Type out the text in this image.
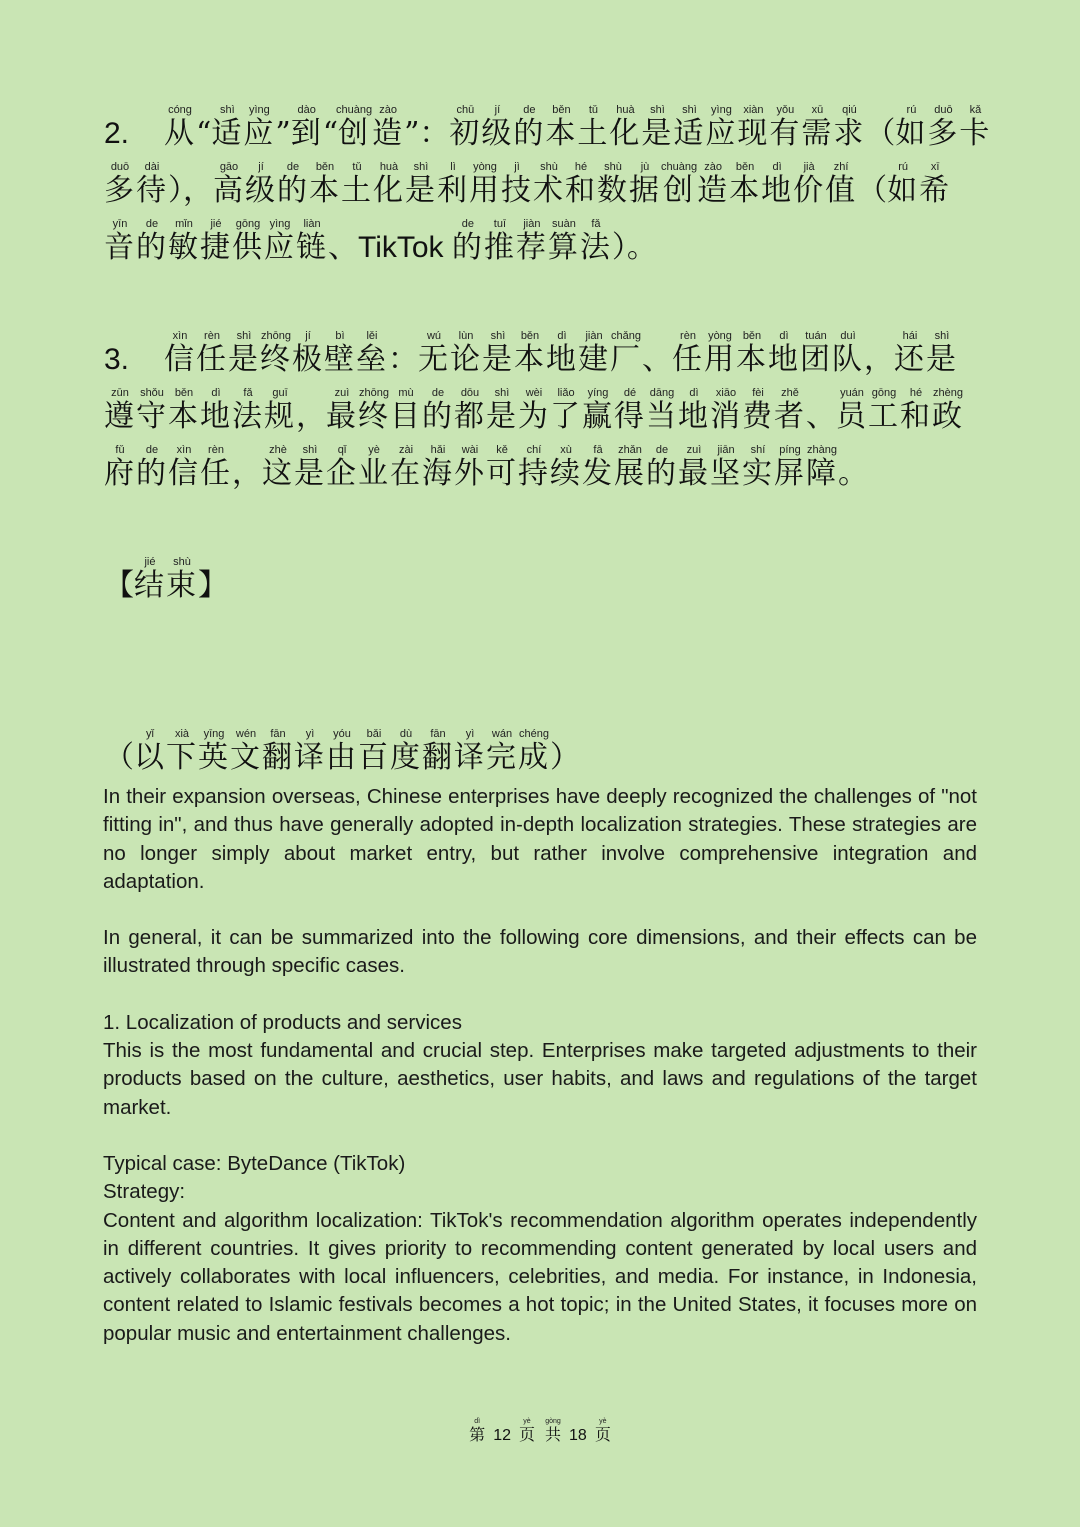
2. 从cóng“适shì应yìng”到dào“创chuàng造zào”：初chū级jí的de本běn土tǔ化huà是shì适shì应yìng现xiàn有yǒu需xū求qiú（如rú多duō卡kǎ
多duō待dài），高gāo级jí的de本běn土tǔ化huà是shì利lì用yòng技jì术shù和hé数shù据jù创chuàng造zào本běn地dì价jià值zhí（如rú希xī
音yīn的de敏mǐn捷jié供gōng应yìng链liàn、TikTok 的de推tuī荐jiàn算suàn法fǎ）。
3. 信xìn任rèn是shì终zhōng极jí壁bì垒lěi：无wú论lùn是shì本běn地dì建jiàn厂chǎng、任rèn用yòng本běn地dì团tuán队duì，还hái是shì
遵zūn守shǒu本běn地dì法fǎ规guī，最zuì终zhōng目mù的de都dōu是shì为wèi了liǎo赢yíng得dé当dāng地dì消xiāo费fèi者zhě、员yuán工gōng和hé政zhèng
府fǔ的de信xìn任rèn，这zhè是shì企qǐ业yè在zài海hǎi外wài可kě持chí续xù发fā展zhǎn的de最zuì坚jiān实shí屏píng障zhàng。
【结jié束shù】
（以yǐ下xià英yīng文wén翻fān译yì由yóu百bǎi度dù翻fān译yì完wán成chéng）

In their expansion overseas, Chinese enterprises have deeply recognized the challenges of "not fitting in", and thus have generally adopted in-depth localization strategies. These strategies are no longer simply about market entry, but rather involve comprehensive integration and adaptation.

In general, it can be summarized into the following core dimensions, and their effects can be illustrated through specific cases.

1. Localization of products and services

This is the most fundamental and crucial step. Enterprises make targeted adjustments to their products based on the culture, aesthetics, user habits, and laws and regulations of the target market.

Typical case: ByteDance (TikTok)

Strategy:

Content and algorithm localization: TikTok's recommendation algorithm operates independently in different countries. It gives priority to recommending content generated by local users and actively collaborates with local influencers, celebrities, and media. For instance, in Indonesia, content related to Islamic festivals becomes a hot topic; in the United States, it focuses more on popular music and entertainment challenges.

第dì12 页yè共gòng18 页yè
